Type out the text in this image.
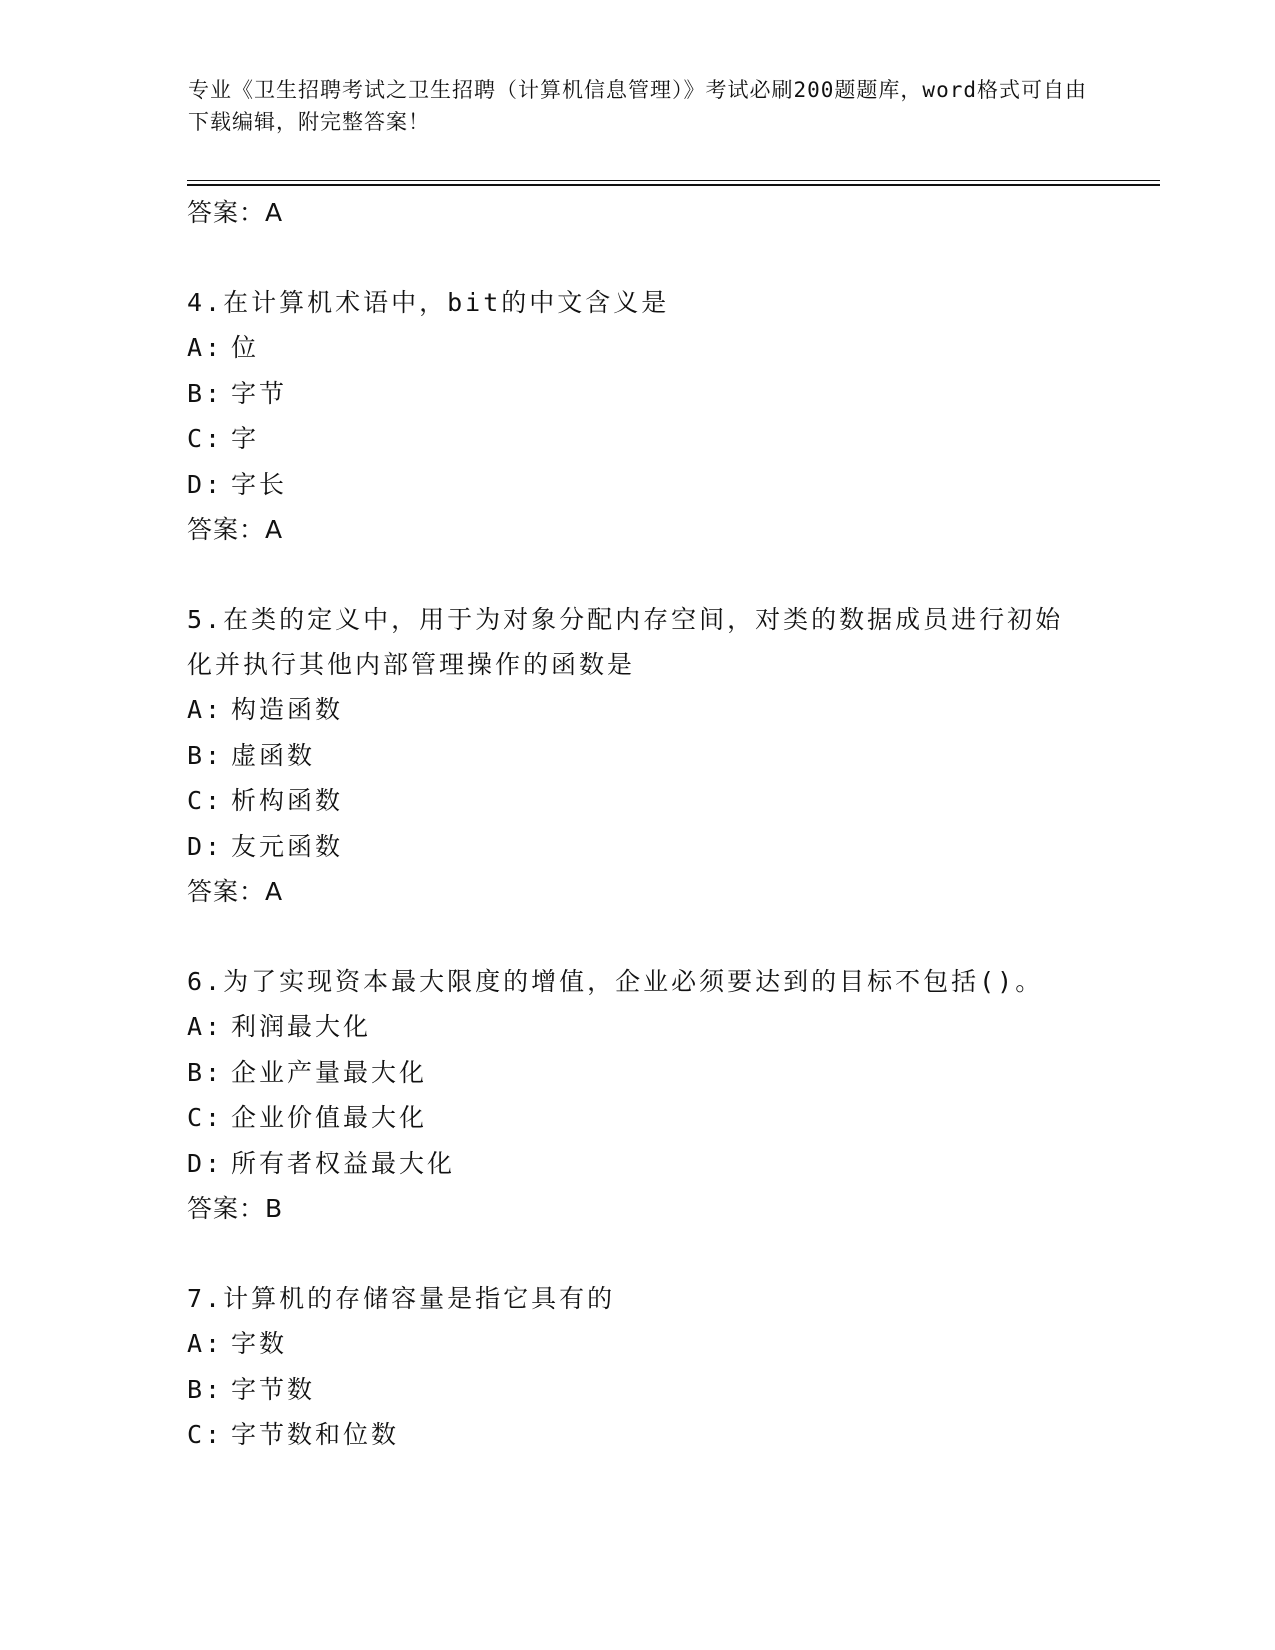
专业《卫生招聘考试之卫生招聘（计算机信息管理）》考试必刷200题题库，word格式可自由下载编辑，附完整答案！
答案：A
4.在计算机术语中，bit的中文含义是
A: 位
B: 字节
C: 字
D: 字长
答案：A
5.在类的定义中，用于为对象分配内存空间，对类的数据成员进行初始化并执行其他内部管理操作的函数是
A: 构造函数
B: 虚函数
C: 析构函数
D: 友元函数
答案：A
6.为了实现资本最大限度的增值，企业必须要达到的目标不包括()。
A: 利润最大化
B: 企业产量最大化
C: 企业价值最大化
D: 所有者权益最大化
答案：B
7.计算机的存储容量是指它具有的
A: 字数
B: 字节数
C: 字节数和位数
